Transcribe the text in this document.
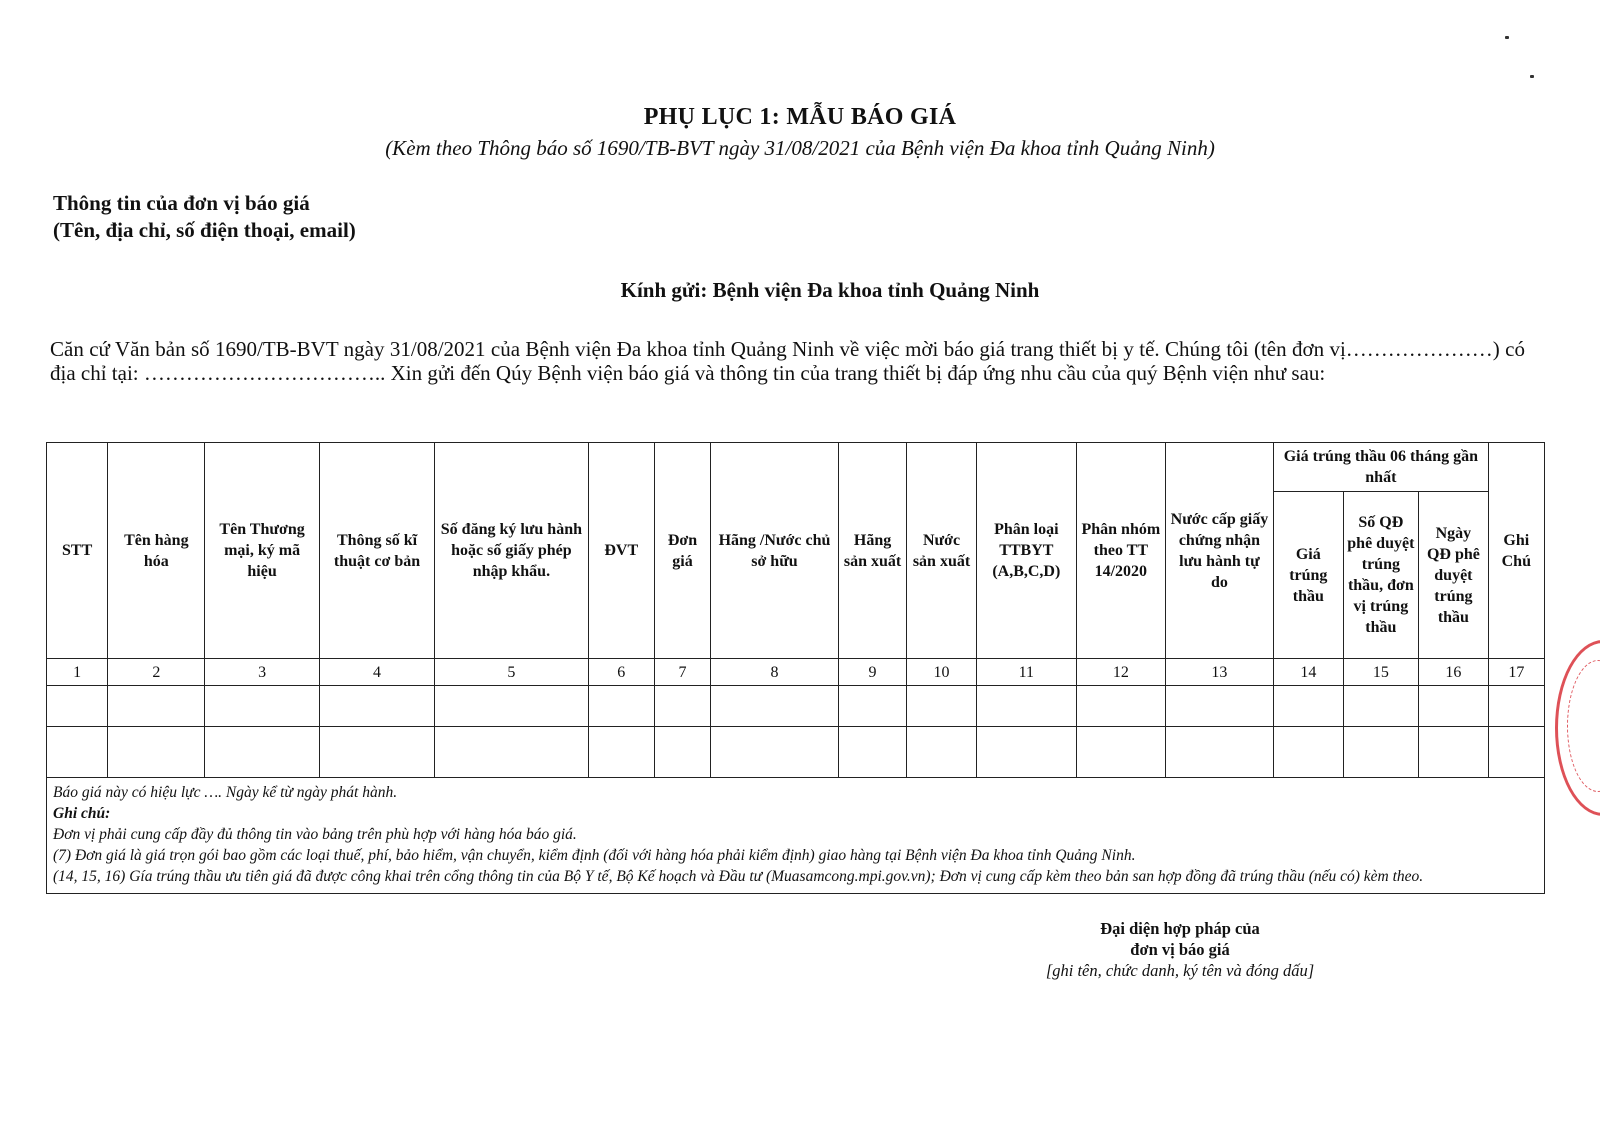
PHỤ LỤC 1: MẪU BÁO GIÁ
(Kèm theo Thông báo số 1690/TB-BVT ngày 31/08/2021 của Bệnh viện Đa khoa tỉnh Quảng Ninh)
Thông tin của đơn vị báo giá
(Tên, địa chỉ, số điện thoại, email)
Kính gửi: Bệnh viện Đa khoa tỉnh Quảng Ninh
Căn cứ Văn bản số 1690/TB-BVT ngày 31/08/2021 của Bệnh viện Đa khoa tỉnh Quảng Ninh về việc mời báo giá trang thiết bị y tế. Chúng tôi (tên đơn vị…………………) có địa chỉ tại: …………………………….. Xin gửi đến Qúy Bệnh viện báo giá và thông tin của trang thiết bị đáp ứng nhu cầu của quý Bệnh viện như sau:
STT	Tên hàng hóa	Tên Thương mại, ký mã hiệu	Thông số kĩ thuật cơ bản	Số đăng ký lưu hành hoặc số giấy phép nhập khẩu.	ĐVT	Đơn giá	Hãng /Nước chủ sở hữu	Hãng sản xuất	Nước sản xuất	Phân loại TTBYT (A,B,C,D)	Phân nhóm theo TT 14/2020	Nước cấp giấy chứng nhận lưu hành tự do	Giá trúng thầu 06 tháng gần nhất			Ghi Chú
													Giá trúng thầu	Số QĐ phê duyệt trúng thầu, đơn vị trúng thầu	Ngày QĐ phê duyệt trúng thầu	
1	2	3	4	5	6	7	8	9	10	11	12	13	14	15	16	17

Báo giá này có hiệu lực …. Ngày kể từ ngày phát hành.
Ghi chú:
Đơn vị phải cung cấp đầy đủ thông tin vào bảng trên phù hợp với hàng hóa báo giá.
(7) Đơn giá là giá trọn gói bao gồm các loại thuế, phí, bảo hiểm, vận chuyển, kiểm định (đối với hàng hóa phải kiểm định) giao hàng tại Bệnh viện Đa khoa tỉnh Quảng Ninh.
(14, 15, 16) Gía trúng thầu ưu tiên giá đã được công khai trên cổng thông tin của Bộ Y tế, Bộ Kế hoạch và Đầu tư (Muasamcong.mpi.gov.vn); Đơn vị cung cấp kèm theo bản san hợp đồng đã trúng thầu (nếu có) kèm theo.																
Đại diện hợp pháp của
đơn vị báo giá
[ghi tên, chức danh, ký tên và đóng dấu]
